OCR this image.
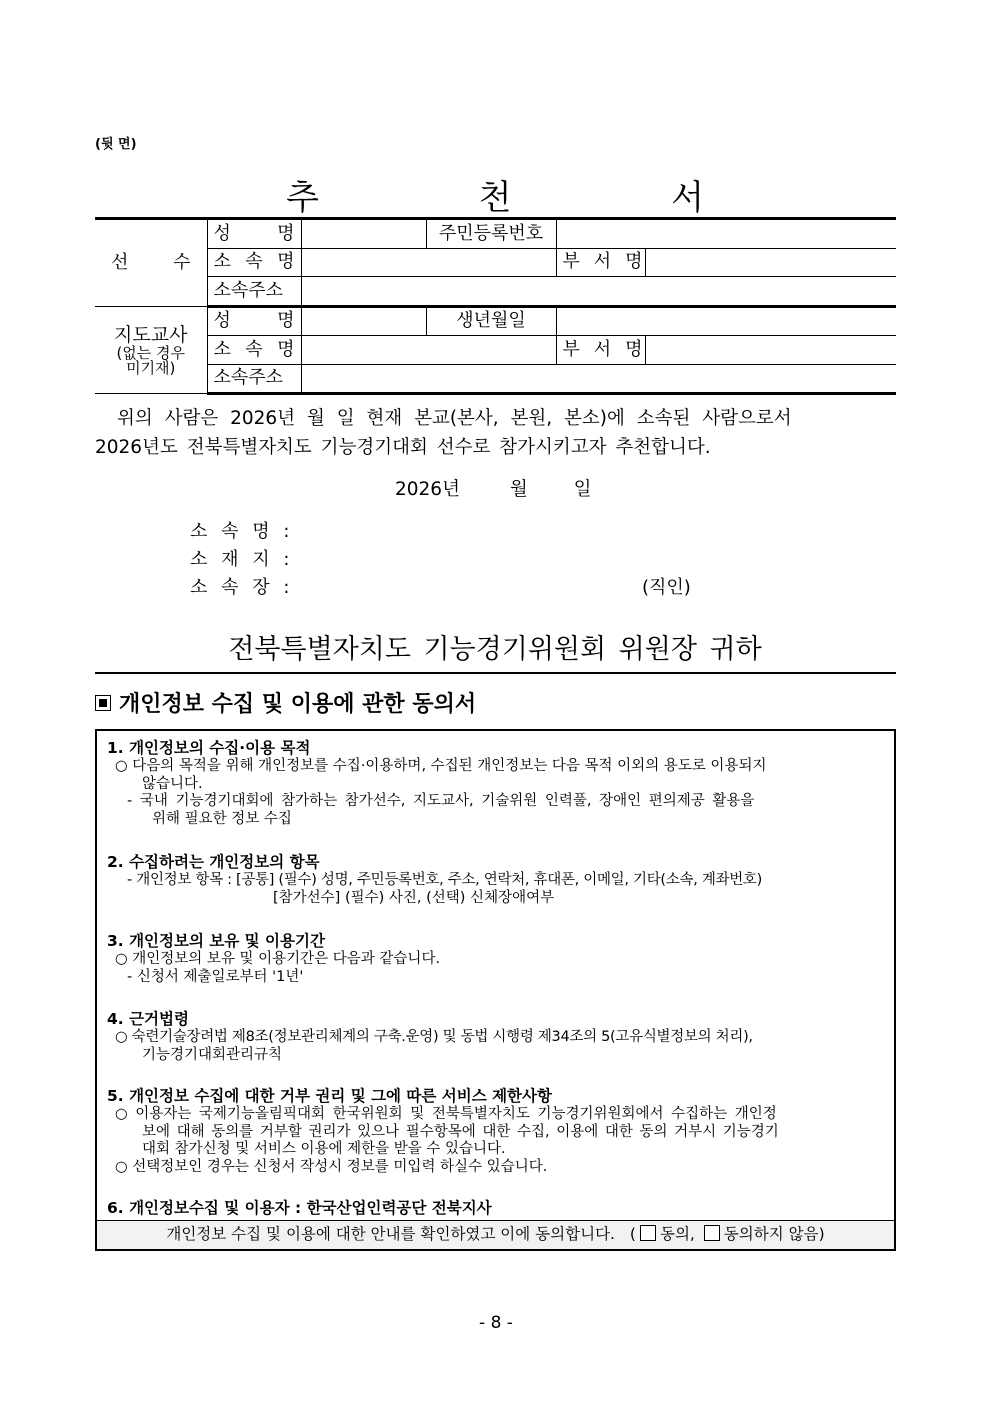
(뒷 면)
추	천	서
선 수	성 명		주민등록번호		

	소 속 명			부 서 명	

	소속주소				

지도교사
(없는 경우
미기재)	성 명		생년월일		

	소 속 명			부 서 명	

	소속주소				
위의 사람은 2026년 월 일 현재 본교(본사, 본원, 본소)에 소속된 사람으로서
2026년도 전북특별자치도 기능경기대회 선수로 참가시키고자 추천합니다.
2026년	월 일
소 속 명 :
소 재 지 :
소 속 장 :	(직인)
전북특별자치도 기능경기위원회 위원장 귀하
개인정보 수집 및 이용에 관한 동의서
1. 개인정보의 수집·이용 목적
○ 다음의 목적을 위해 개인정보를 수집·이용하며, 수집된 개인정보는 다음 목적 이외의 용도로 이용되지
않습니다.
- 국내 기능경기대회에 참가하는 참가선수, 지도교사, 기술위원 인력풀, 장애인 편의제공 활용을
위해 필요한 정보 수집
2. 수집하려는 개인정보의 항목
- 개인정보 항목 : [공통] (필수) 성명, 주민등록번호, 주소, 연락처, 휴대폰, 이메일, 기타(소속, 계좌번호)
[참가선수] (필수) 사진, (선택) 신체장애여부
3. 개인정보의 보유 및 이용기간
○ 개인정보의 보유 및 이용기간은 다음과 같습니다.
- 신청서 제출일로부터 '1년'
4. 근거법령
○ 숙련기술장려법 제8조(정보관리체계의 구축.운영) 및 동법 시행령 제34조의 5(고유식별정보의 처리),
기능경기대회관리규칙
5. 개인정보 수집에 대한 거부 권리 및 그에 따른 서비스 제한사항
○ 이용자는 국제기능올림픽대회 한국위원회 및 전북특별자치도 기능경기위원회에서 수집하는 개인정
보에 대해 동의를 거부할 권리가 있으나 필수항목에 대한 수집, 이용에 대한 동의 거부시 기능경기
대회 참가신청 및 서비스 이용에 제한을 받을 수 있습니다.
○ 선택정보인 경우는 신청서 작성시 정보를 미입력 하실수 있습니다.
6. 개인정보수집 및 이용자 : 한국산업인력공단 전북지사
개인정보 수집 및 이용에 대한 안내를 확인하였고 이에 동의합니다. ( 동의, 동의하지 않음)
- 8 -
